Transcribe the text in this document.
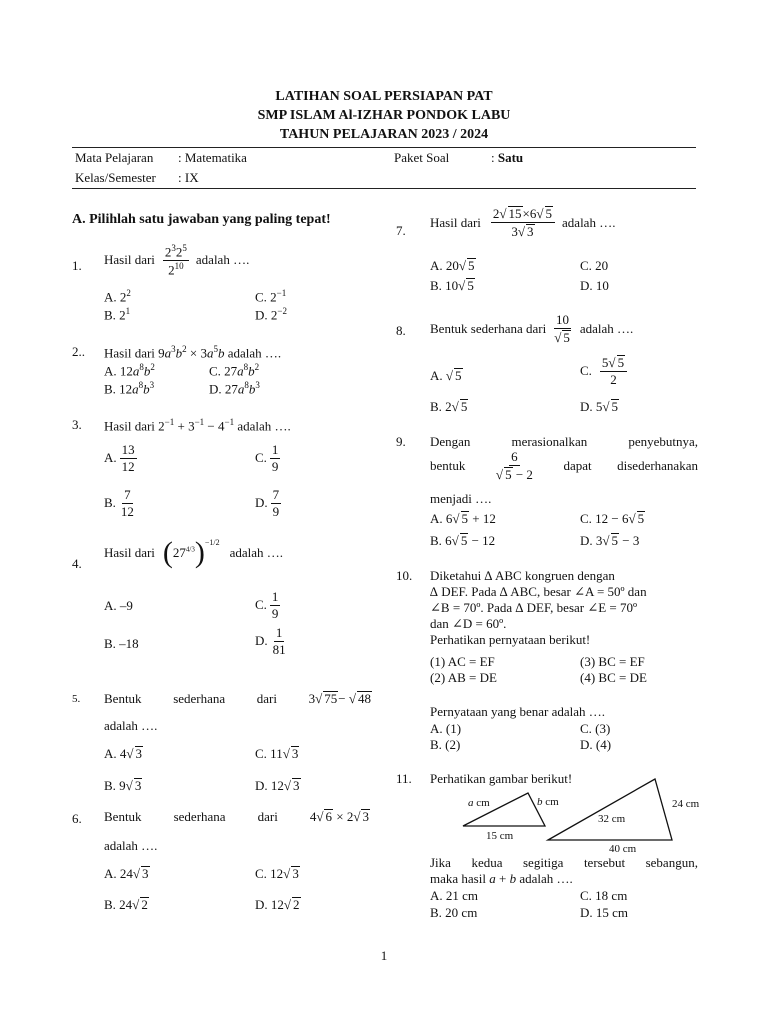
LATIHAN SOAL PERSIAPAN PAT
SMP ISLAM Al-IZHAR PONDOK LABU
TAHUN PELAJARAN 2023 / 2024
Mata Pelajaran : Matematika	Paket Soal	: Satu
Kelas/Semester : IX
A. Pilihlah satu jawaban yang paling tepat!
1. Hasil dari $\frac{2^32^5}{2^{10}}$ adalah ….
A. $2^2$	C. $2^{-1}$
B. $2^1$	D. $2^{-2}$
2.. Hasil dari $9a^3b^2 \times 3a^5b$ adalah ….
A. $12a^8b^2$	C. $27a^8b^2$
B. $12a^8b^3$	D. $27a^8b^3$
3. Hasil dari $2^{-1} + 3^{-1} - 4^{-1}$ adalah ….
A. $\frac{13}{12}$	C. $\frac{1}{9}$
B. $\frac{7}{12}$	D. $\frac{7}{9}$
4.
Hasil dari ( $27^{4/3}$ )$^{-1/2}$
adalah ….
A. –9	C. $\frac{1}{9}$
B. –18	D. $\frac{1}{81}$
5. Bentuk sederhana dari 3√ 75− √ 48
adalah ….
A. 4√ 3	C. 11√ 3
B. 9√ 3	D. 12√ 3
6. Bentuk sederhana dari 4√ 6 × 2√ 3
adalah ….
A. 24√ 3	C. 12√ 3
B. 24√ 2	D. 12√ 2
7.
Hasil dari $\frac{2√ 15\times 6√ 5}{3√ 3}$ adalah ….
A. 20√ 5	C. 20
B. 10√ 5	D. 10
8. Bentuk sederhana dari $\frac{10}{√ 5}$ adalah ….
A. √ 5	C. $\frac{5√ 5}{2}$
B. 2√ 5	D. 5√ 5
9. Dengan	merasionalkan	penyebutnya,
bentuk $\frac{6}{√ 5 - 2}$ dapat disederhanakan
menjadi ….
A. 6√ 5 + 12	C. 12 − 6√ 5
B. 6√ 5 − 12	D. 3√ 5 − 3
10. Diketahui ∆ ABC kongruen dengan
∆ DEF. Pada ∆ ABC, besar ∠A = 50º dan
∠B = 70º. Pada ∆ DEF, besar ∠E = 70º
dan ∠D = 60º.
Perhatikan pernyataan berikut!
(1) AC = EF	(3) BC = EF
(2) AB = DE	(4) BC = DE
Pernyataan yang benar adalah ….
A. (1)	C. (3)
B. (2)	D. (4)
11. Perhatikan gambar berikut!
a cm	b cm
15 cm
24 cm
32 cm
40 cm
Jika kedua segitiga tersebut sebangun,
maka hasil a + b adalah ….
A. 21 cm	C. 18 cm
B. 20 cm	D. 15 cm
1
